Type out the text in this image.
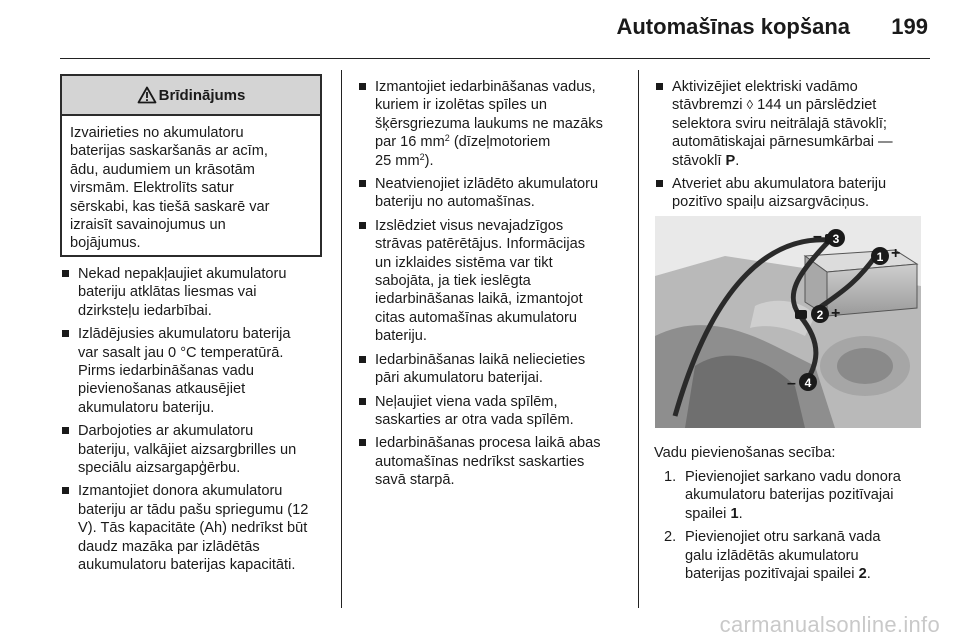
Automašīnas kopšana	199
Brīdinājums
Izvairieties no akumulatoru
baterijas saskaršanās ar acīm,
ādu, audumiem un krāsotām
virsmām. Elektrolīts satur
sērskabi, kas tiešā saskarē var
izraisīt savainojumus un
bojājumus.
Nekad nepakļaujiet akumulatoru
bateriju atklātas liesmas vai
dzirksteļu iedarbībai.
Izlādējusies akumulatoru baterija
var sasalt jau 0 °C temperatūrā.
Pirms iedarbināšanas vadu
pievienošanas atkausējiet
akumulatoru bateriju.
Darbojoties ar akumulatoru
bateriju, valkājiet aizsargbrilles un
speciālu aizsargapģērbu.
Izmantojiet donora akumulatoru
bateriju ar tādu pašu spriegumu (12
V). Tās kapacitāte (Ah) nedrīkst būt
daudz mazāka par izlādētās
aukumulatoru baterijas kapacitāti.
Izmantojiet iedarbināšanas vadus,
kuriem ir izolētas spīles un
šķērsgriezuma laukums ne mazāks
par 16 $mm^2$ (dīzeļmotoriem
25 $mm^2$).
Neatvienojiet izlādēto akumulatoru
bateriju no automašīnas.
Izslēdziet visus nevajadzīgos
strāvas patērētājus. Informācijas
un izklaides sistēma var tikt
sabojāta, ja tiek ieslēgta
iedarbināšanas laikā, izmantojot
citas automašīnas akumulatoru
bateriju.
Iedarbināšanas laikā neliecieties
pāri akumulatoru baterijai.
Neļaujiet viena vada spīlēm,
saskarties ar otra vada spīlēm.
Iedarbināšanas procesa laikā abas
automašīnas nedrīkst saskarties
savā starpā.
Aktivizējiet elektriski vadāmo
stāvbremzi ◊ 144 un pārslēdziet
selektora sviru neitrālajā stāvoklī;
automātiskajai pārnesumkārbai —
stāvoklī P.
Atveriet abu akumulatora bateriju
pozitīvo spaiļu aizsargvāciņus.
– 3
1 +
2 +
– 4
Vadu pievienošanas secība:
1. Pievienojiet sarkano vadu donora
akumulatoru baterijas pozitīvajai
spailei 1.
2. Pievienojiet otru sarkanā vada
galu izlādētās akumulatoru
baterijas pozitīvajai spailei 2.
carmanualsonline.info
